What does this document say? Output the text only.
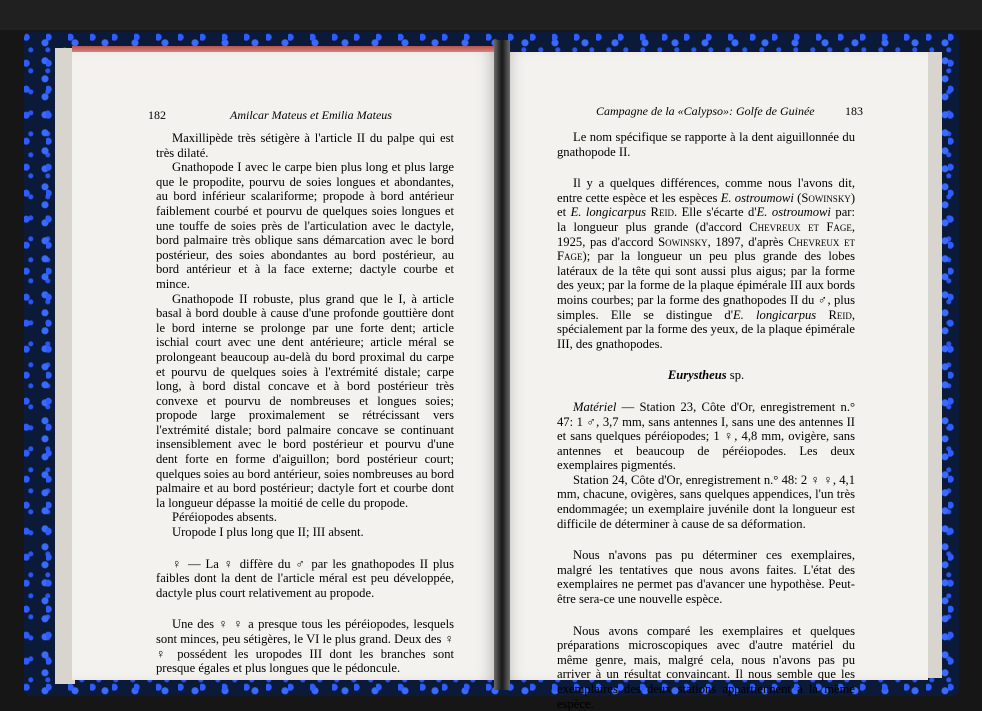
182	Amilcar Mateus et Emilia Mateus

Maxillipède très sétigère à l'article II du palpe qui est très dilaté.

Gnathopode I avec le carpe bien plus long et plus large que le propodite, pourvu de soies longues et abondantes, au bord inférieur scalariforme; propode à bord antérieur faiblement courbé et pourvu de quelques soies longues et une touffe de soies près de l'articulation avec le dactyle, bord palmaire très oblique sans démarcation avec le bord postérieur, des soies abondantes au bord postérieur, au bord antérieur et à la face externe; dactyle courbe et mince.

Gnathopode II robuste, plus grand que le I, à article basal à bord double à cause d'une profonde gouttière dont le bord interne se prolonge par une forte dent; article ischial court avec une dent antérieure; article méral se prolongeant beaucoup au-delà du bord proximal du carpe et pourvu de quelques soies à l'extrémité distale; carpe long, à bord distal concave et à bord postérieur très convexe et pourvu de nombreuses et longues soies; propode large proximalement se rétrécissant vers l'extrémité distale; bord palmaire concave se continuant insensiblement avec le bord postérieur et pourvu d'une dent forte en forme d'aiguillon; bord postérieur court; quelques soies au bord antérieur, soies nombreuses au bord palmaire et au bord postérieur; dactyle fort et courbe dont la longueur dépasse la moitié de celle du propode.

Péréiopodes absents.

Uropode I plus long que II; III absent.

♀ — La ♀ diffère du ♂ par les gnathopodes II plus faibles dont la dent de l'article méral est peu développée, dactyle plus court relativement au propode.

Une des ♀ ♀ a presque tous les péréiopodes, lesquels sont minces, peu sétigères, le VI le plus grand. Deux des ♀ ♀ possédent les uropodes III dont les branches sont presque égales et plus longues que le pédoncule.

Campagne de la «Calypso»: Golfe de Guinée	183

Le nom spécifique se rapporte à la dent aiguillonnée du gnathopode II.

Il y a quelques différences, comme nous l'avons dit, entre cette espèce et les espèces E. ostroumowi (Sowinsky) et E. longicarpus Reid. Elle s'écarte d'E. ostroumowi par: la longueur plus grande (d'accord Chevreux et Fage, 1925, pas d'accord Sowinsky, 1897, d'après Chevreux et Fage); par la longueur un peu plus grande des lobes latéraux de la tête qui sont aussi plus aigus; par la forme des yeux; par la forme de la plaque épimérale III aux bords moins courbes; par la forme des gnathopodes II du ♂, plus simples. Elle se distingue d'E. longicarpus Reid, spécialement par la forme des yeux, de la plaque épimérale III, des gnathopodes.

Eurystheus sp.

Matériel — Station 23, Côte d'Or, enregistrement n.° 47: 1 ♂, 3,7 mm, sans antennes I, sans une des antennes II et sans quelques péréiopodes; 1 ♀, 4,8 mm, ovigère, sans antennes et beaucoup de péréiopodes. Les deux exemplaires pigmentés.

Station 24, Côte d'Or, enregistrement n.° 48: 2 ♀ ♀, 4,1 mm, chacune, ovigères, sans quelques appendices, l'un très endommagée; un exemplaire juvénile dont la longueur est difficile de déterminer à cause de sa déformation.

Nous n'avons pas pu déterminer ces exemplaires, malgré les tentatives que nous avons faites. L'état des exemplaires ne permet pas d'avancer une hypothèse. Peut-être sera-ce une nouvelle espèce.

Nous avons comparé les exemplaires et quelques préparations microscopiques avec d'autre matériel du même genre, mais, malgré cela, nous n'avons pas pu arriver à un résultat convaincant. Il nous semble que les exemplaires des deux stations appartiennent à la même espèce.
